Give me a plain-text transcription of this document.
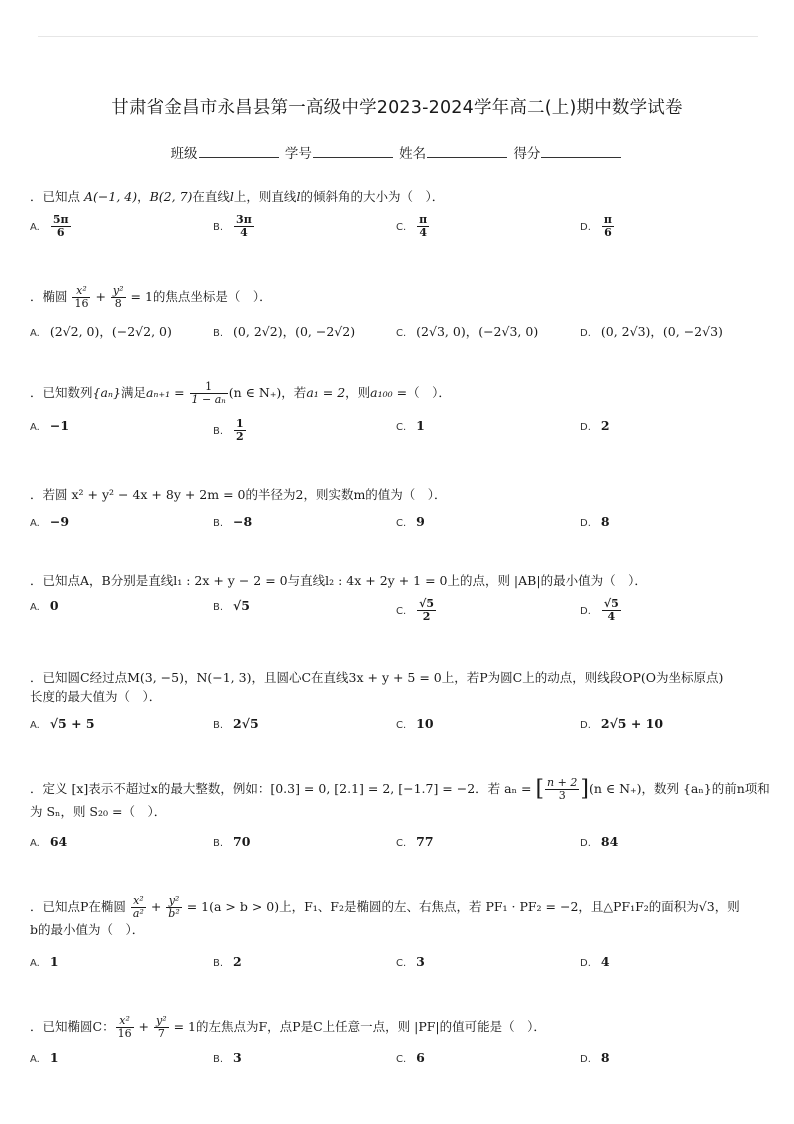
甘肃省金昌市永昌县第一高级中学2023-2024学年高二(上)期中数学试卷
班级	学号	姓名	得分
．已知点 A(−1, 4)，B(2, 7)在直线l上，则直线l的倾斜角的大小为（　）．
A. $\frac{5\pi}{6}$	B. $\frac{3\pi}{4}$	C. $\frac{\pi}{4}$	D. $\frac{\pi}{6}$
．椭圆 $\frac{\text{x²}}{16} + \frac{\text{y²}}{8} = 1$的焦点坐标是（　）．
A. (2√2, 0)，(−2√2, 0)	B. (0, 2√2)，(0, −2√2)	C. (2√3, 0)，(−2√3, 0)	D. (0, 2√3)，(0, −2√3)
．已知数列{aₙ}满足$a_{n+1} = \frac{1}{\text{1 − aₙ}} (n$ ∈ N₊)，若a₁ = 2，则a₁₀₀ =（　）．
A. −1	B. $\frac{1}{2}$	C. 1	D. 2
．若圆 x² + y² − 4x + 8y + 2m = 0的半径为2，则实数m的值为（　）．
A. −9	B. −8	C. 9	D. 8
．已知点A，B分别是直线l₁ : 2x + y − 2 = 0与直线l₂ : 4x + 2y + 1 = 0上的点，则 |AB|的最小值为（　）．
A. 0	B. √5	C. $\frac{√5}{2}$	D. $\frac{√5}{4}$
．已知圆C经过点M(3, −5)，N(−1, 3)，且圆心C在直线3x + y + 5 = 0上，若P为圆C上的动点，则线段OP(O为坐标原点)
长度的最大值为（　）．
A. √5 + 5	B. 2√5	C. 10	D. 2√5 + 10
．定义 [x]表示不超过x的最大整数，例如：[0.3] = 0, [2.1] = 2, [−1.7] = −2．若 aₙ = [ $\frac{n + 2}{3} ](n$ ∈ N₊)，数列 {aₙ}的前n项和
为 Sₙ，则 S₂₀ =（　）．
A. 64	B. 70	C. 77	D. 84
．已知点P在椭圆 $\frac{\text{x²}}{\text{a²}} + \frac{\text{y²}}{\text{b²}} = 1(a > b > 0)$上，F₁、F₂是椭圆的左、右焦点，若 PF₁ · PF₂ = −2，且△PF₁F₂的面积为√3，则
b的最小值为（　）．
A. 1	B. 2	C. 3	D. 4
．已知椭圆C： $\frac{\text{x²}}{16} + \frac{\text{y²}}{7} = 1$的左焦点为F，点P是C上任意一点，则 |PF|的值可能是（　）．
A. 1	B. 3	C. 6	D. 8
